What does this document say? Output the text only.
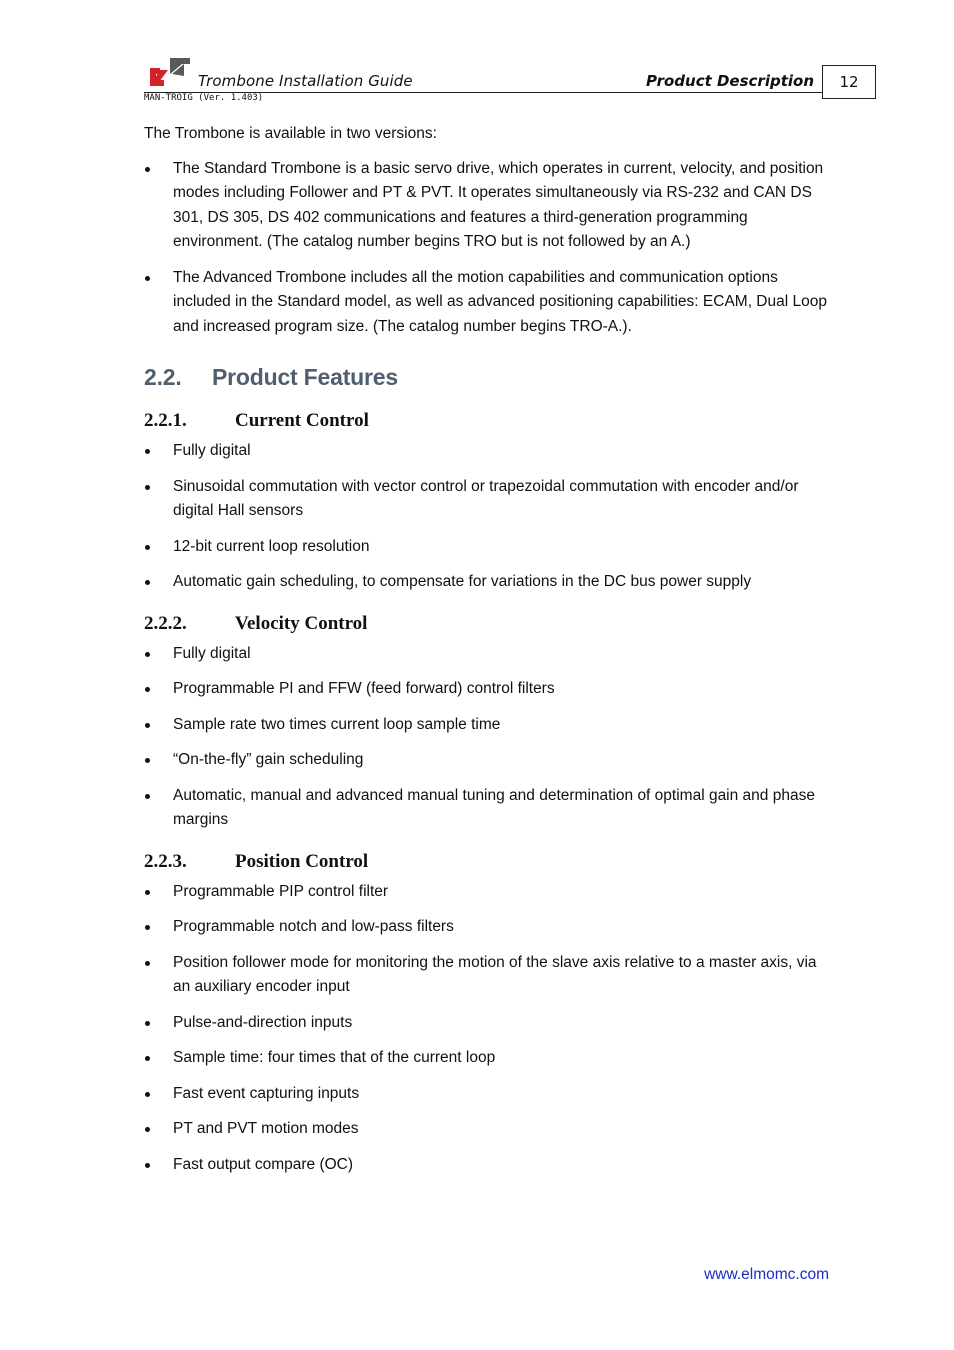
Trombone Installation Guide	Product Description	12
MAN-TROIG (Ver. 1.403)

The Trombone is available in two versions:

The Standard Trombone is a basic servo drive, which operates in current, velocity, and position modes including Follower and PT & PVT. It operates simultaneously via RS-232 and CAN DS 301, DS 305, DS 402 communications and features a third-generation programming environment. (The catalog number begins TRO but is not followed by an A.)
The Advanced Trombone includes all the motion capabilities and communication options included in the Standard model, as well as advanced positioning capabilities: ECAM, Dual Loop and increased program size. (The catalog number begins TRO-A.).
2.2. Product Features
2.2.1.	Current Control
Fully digital
Sinusoidal commutation with vector control or trapezoidal commutation with encoder and/or digital Hall sensors
12-bit current loop resolution
Automatic gain scheduling, to compensate for variations in the DC bus power supply
2.2.2.	Velocity Control
Fully digital
Programmable PI and FFW (feed forward) control filters
Sample rate two times current loop sample time
“On-the-fly” gain scheduling
Automatic, manual and advanced manual tuning and determination of optimal gain and phase margins
2.2.3.	Position Control
Programmable PIP control filter
Programmable notch and low-pass filters
Position follower mode for monitoring the motion of the slave axis relative to a master axis, via an auxiliary encoder input
Pulse-and-direction inputs
Sample time: four times that of the current loop
Fast event capturing inputs
PT and PVT motion modes
Fast output compare (OC)
www.elmomc.com
